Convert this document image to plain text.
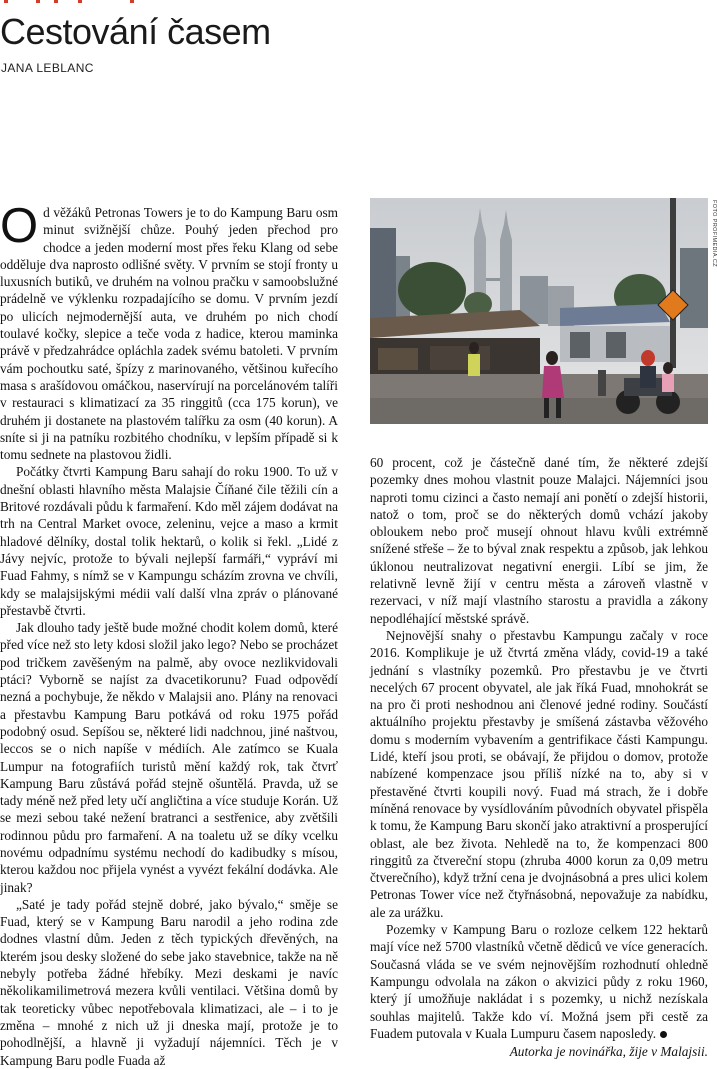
Cestování časem
JANA LEBLANC

Od věžáků Petronas Towers je to do Kampung Baru osm minut svižnější chůze. Pouhý jeden přechod pro chodce a jeden moderní most přes řeku Klang od sebe odděluje dva naprosto odlišné světy. V prvním se stojí fronty u luxusních butiků, ve druhém na volnou pračku v samoobslužné prádelně ve výklenku rozpadajícího se domu. V prvním jezdí po ulicích nejmodernější auta, ve druhém po nich chodí toulavé kočky, slepice a teče voda z hadice, kterou maminka právě v předzahrádce opláchla zadek svému batoleti. V prvním vám pochoutku saté, špízy z marinovaného, většinou kuřecího masa s arašídovou omáčkou, naservírují na porcelánovém talíři v restauraci s klimatizací za 35 ringgitů (cca 175 korun), ve druhém ji dostanete na plastovém talířku za osm (40 korun). A sníte si ji na patníku rozbitého chodníku, v lepším případě si k tomu sednete na plastovou židli.

Počátky čtvrti Kampung Baru sahají do roku 1900. To už v dnešní oblasti hlavního města Malajsie Číňané čile těžili cín a Britové rozdávali půdu k farmaření. Kdo měl zájem dodávat na trh na Central Market ovoce, zeleninu, vejce a maso a krmit hladové dělníky, dostal tolik hektarů, o kolik si řekl. „Lidé z Jávy nejvíc, protože to bývali nejlepší farmáři,“ vypráví mi Fuad Fahmy, s nímž se v Kampungu scházím zrovna ve chvíli, kdy se malajsijskými médii valí další vlna zpráv o plánované přestavbě čtvrti.

Jak dlouho tady ještě bude možné chodit kolem domů, které před více než sto lety kdosi složil jako lego? Nebo se procházet pod tričkem zavěšeným na palmě, aby ovoce nezlikvidovali ptáci? Vyborně se najíst za dvacetikorunu? Fuad odpovědí nezná a pochybuje, že někdo v Malajsii ano. Plány na renovaci a přestavbu Kampung Baru potkává od roku 1975 pořád podobný osud. Sepíšou se, některé lidi nadchnou, jiné naštvou, leccos se o nich napíše v médiích. Ale zatímco se Kuala Lumpur na fotografiích turistů mění každý rok, tak čtvrť Kampung Baru zůstává pořád stejně ošuntělá. Pravda, už se tady méně než před lety učí angličtina a více studuje Korán. Už se mezi sebou také nežení bratranci a sestřenice, aby zvětšili rodinnou půdu pro farmaření. A na toaletu už se díky vcelku novému odpadnímu systému nechodí do kadibudky s mísou, kterou každou noc přijela vynést a vyvézt fekální dodávka. Ale jinak?

„Saté je tady pořád stejně dobré, jako bývalo,“ směje se Fuad, který se v Kampung Baru narodil a jeho rodina zde dodnes vlastní dům. Jeden z těch typických dřevěných, na kterém jsou desky složené do sebe jako stavebnice, takže na ně nebyly potřeba žádné hřebíky. Mezi deskami je navíc několikamilimetrová mezera kvůli ventilaci. Většina domů by tak teoreticky vůbec nepotřebovala klimatizaci, ale – i to je změna – mnohé z nich už ji dneska mají, protože je to pohodlnější, a hlavně ji vyžadují nájemníci. Těch je v Kampung Baru podle Fuada až

FOTO PROFIMEDIA.CZ

60 procent, což je částečně dané tím, že některé zdejší pozemky dnes mohou vlastnit pouze Malajci. Nájemníci jsou naproti tomu cizinci a často nemají ani ponětí o zdejší historii, natož o tom, proč se do některých domů vchází jakoby obloukem nebo proč musejí ohnout hlavu kvůli extrémně snížené střeše – že to býval znak respektu a způsob, jak lehkou úklonou neutralizovat negativní energii. Líbí se jim, že relativně levně žijí v centru města a zároveň vlastně v rezervaci, v níž mají vlastního starostu a pravidla a zákony nepodléhající městské správě.

Nejnovější snahy o přestavbu Kampungu začaly v roce 2016. Komplikuje je už čtvrtá změna vlády, covid-19 a také jednání s vlastníky pozemků. Pro přestavbu je ve čtvrti necelých 67 procent obyvatel, ale jak říká Fuad, mnohokrát se na pro či proti neshodnou ani členové jedné rodiny. Součástí aktuálního projektu přestavby je smíšená zástavba věžového domu s moderním vybavením a gentrifikace části Kampungu. Lidé, kteří jsou proti, se obávají, že přijdou o domov, protože nabízené kompenzace jsou příliš nízké na to, aby si v přestavěné čtvrti koupili nový. Fuad má strach, že i dobře míněná renovace by vysídlováním původních obyvatel přispěla k tomu, že Kampung Baru skončí jako atraktivní a prosperující oblast, ale bez života. Nehledě na to, že kompenzaci 800 ringgitů za čtvereční stopu (zhruba 4000 korun za 0,09 metru čtverečního), když tržní cena je dvojnásobná a pres ulici kolem Petronas Tower více než čtyřnásobná, nepovažuje za nabídku, ale za urážku.

Pozemky v Kampung Baru o rozloze celkem 122 hektarů mají více než 5700 vlastníků včetně dědiců ve více generacích. Současná vláda se ve svém nejnovějším rozhodnutí ohledně Kampungu odvolala na zákon o akvizici půdy z roku 1960, který jí umožňuje nakládat i s pozemky, u nichž nezískala souhlas majitelů. Takže kdo ví. Možná jsem při cestě za Fuadem putovala v Kuala Lumpuru časem naposledy.

Autorka je novinářka, žije v Malajsii.
